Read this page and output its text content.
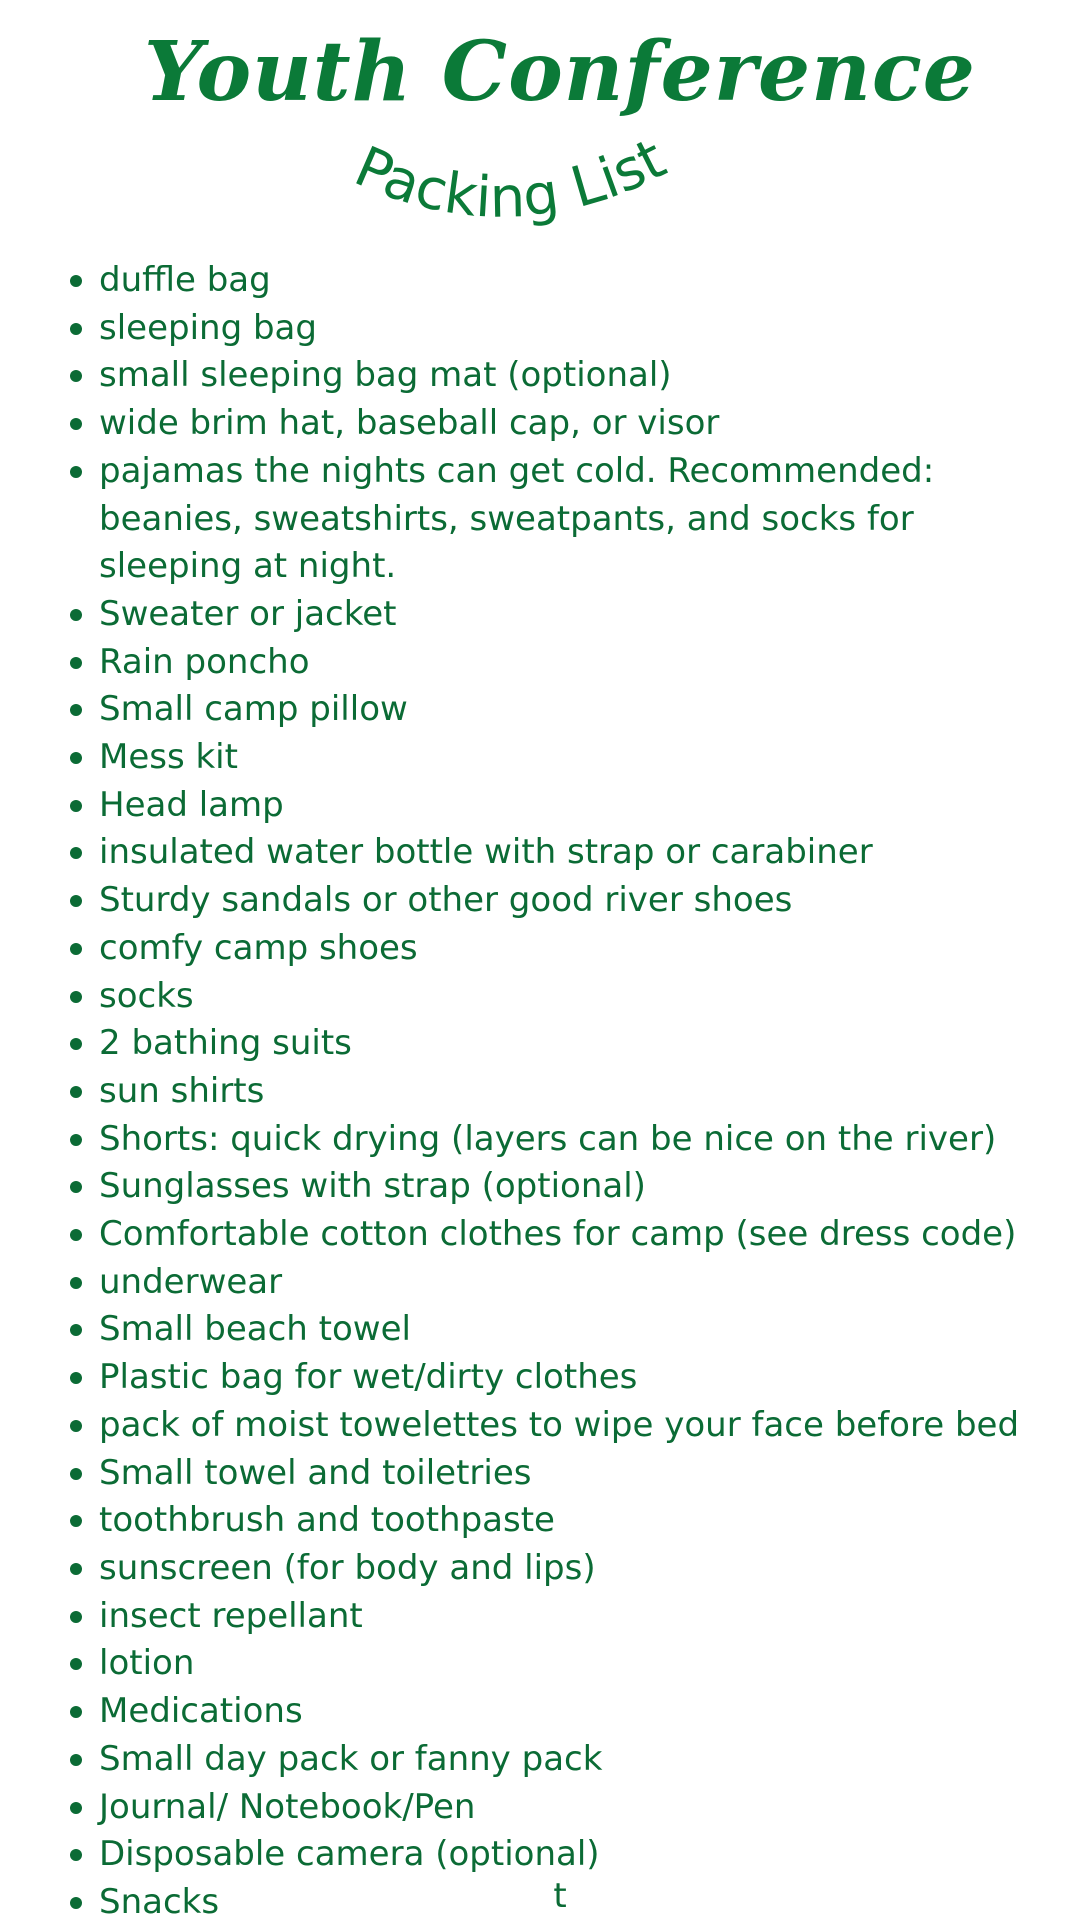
Youth Conference
Packing List
duffle bag
sleeping bag
small sleeping bag mat (optional)
wide brim hat, baseball cap, or visor
pajamas the nights can get cold. Recommended: beanies, sweatshirts, sweatpants, and socks for sleeping at night.
Sweater or jacket
Rain poncho
Small camp pillow
Mess kit
Head lamp
insulated water bottle with strap or carabiner
Sturdy sandals or other good river shoes
comfy camp shoes
socks
2 bathing suits
sun shirts
Shorts: quick drying (layers can be nice on the river)
Sunglasses with strap (optional)
Comfortable cotton clothes for camp (see dress code)
underwear
Small beach towel
Plastic bag for wet/dirty clothes
pack of moist towelettes to wipe your face before bed
Small towel and toiletries
toothbrush and toothpaste
sunscreen (for body and lips)
insect repellant
lotion
Medications
Small day pack or fanny pack
Journal/ Notebook/Pen
Disposable camera (optional)
Snacks	t
